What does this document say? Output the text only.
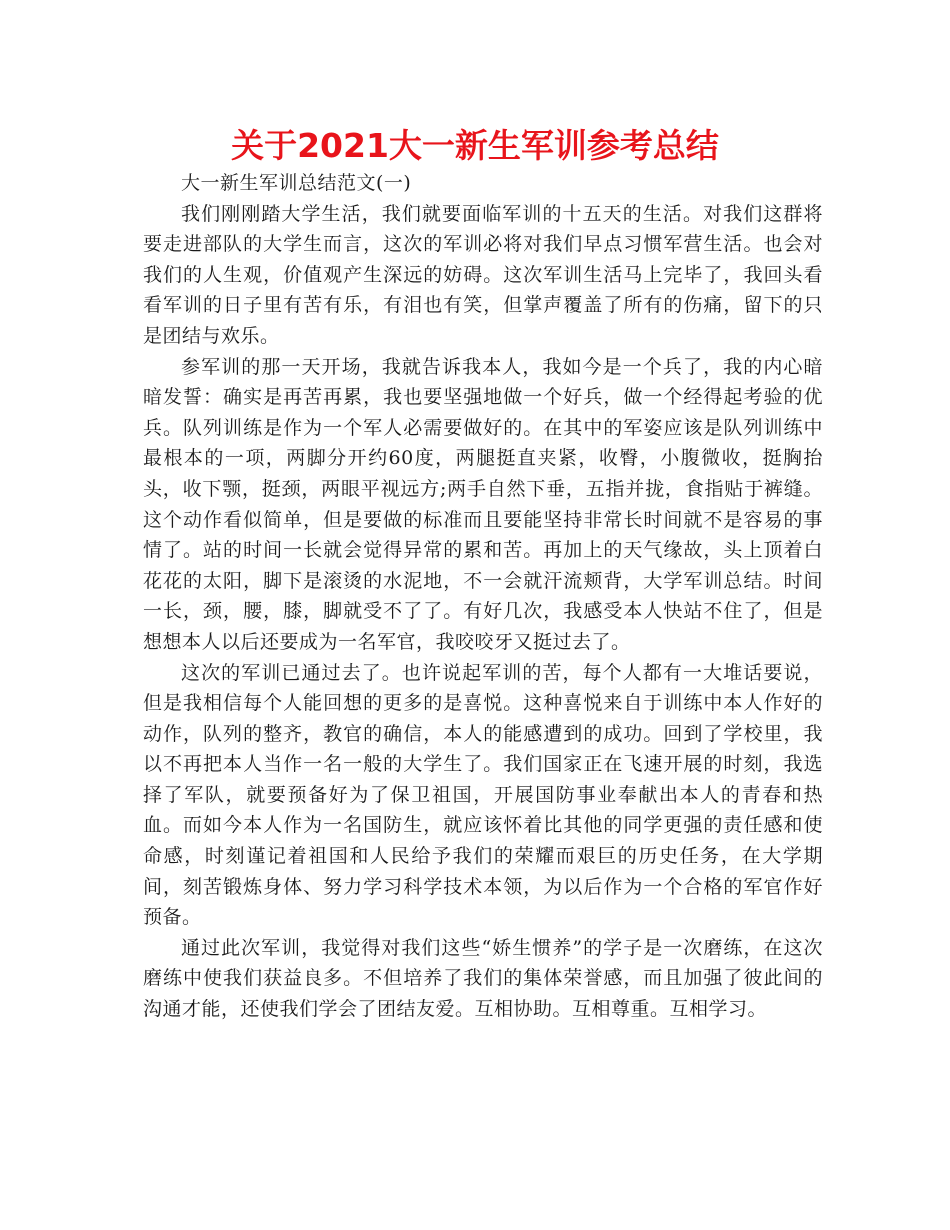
关于2021大一新生军训参考总结

大一新生军训总结范文(一)

我们刚刚踏大学生活，我们就要面临军训的十五天的生活。对我们这群将要走进部队的大学生而言，这次的军训必将对我们早点习惯军营生活。也会对我们的人生观，价值观产生深远的妨碍。这次军训生活马上完毕了，我回头看看军训的日子里有苦有乐，有泪也有笑，但掌声覆盖了所有的伤痛，留下的只是团结与欢乐。

参军训的那一天开场，我就告诉我本人，我如今是一个兵了，我的内心暗暗发誓：确实是再苦再累，我也要坚强地做一个好兵，做一个经得起考验的优兵。队列训练是作为一个军人必需要做好的。在其中的军姿应该是队列训练中最根本的一项，两脚分开约60度，两腿挺直夹紧，收臀，小腹微收，挺胸抬头，收下颚，挺颈，两眼平视远方;两手自然下垂，五指并拢，食指贴于裤缝。这个动作看似简单，但是要做的标准而且要能坚持非常长时间就不是容易的事情了。站的时间一长就会觉得异常的累和苦。再加上的天气缘故，头上顶着白花花的太阳，脚下是滚烫的水泥地，不一会就汗流颊背，大学军训总结。时间一长，颈，腰，膝，脚就受不了了。有好几次，我感受本人快站不住了，但是想想本人以后还要成为一名军官，我咬咬牙又挺过去了。

这次的军训已通过去了。也许说起军训的苦，每个人都有一大堆话要说，但是我相信每个人能回想的更多的是喜悦。这种喜悦来自于训练中本人作好的动作，队列的整齐，教官的确信，本人的能感遭到的成功。回到了学校里，我以不再把本人当作一名一般的大学生了。我们国家正在飞速开展的时刻，我选择了军队，就要预备好为了保卫祖国，开展国防事业奉献出本人的青春和热血。而如今本人作为一名国防生，就应该怀着比其他的同学更强的责任感和使命感，时刻谨记着祖国和人民给予我们的荣耀而艰巨的历史任务，在大学期间，刻苦锻炼身体、努力学习科学技术本领，为以后作为一个合格的军官作好预备。

通过此次军训，我觉得对我们这些“娇生惯养”的学子是一次磨练，在这次磨练中使我们获益良多。不但培养了我们的集体荣誉感，而且加强了彼此间的沟通才能，还使我们学会了团结友爱。互相协助。互相尊重。互相学习。
